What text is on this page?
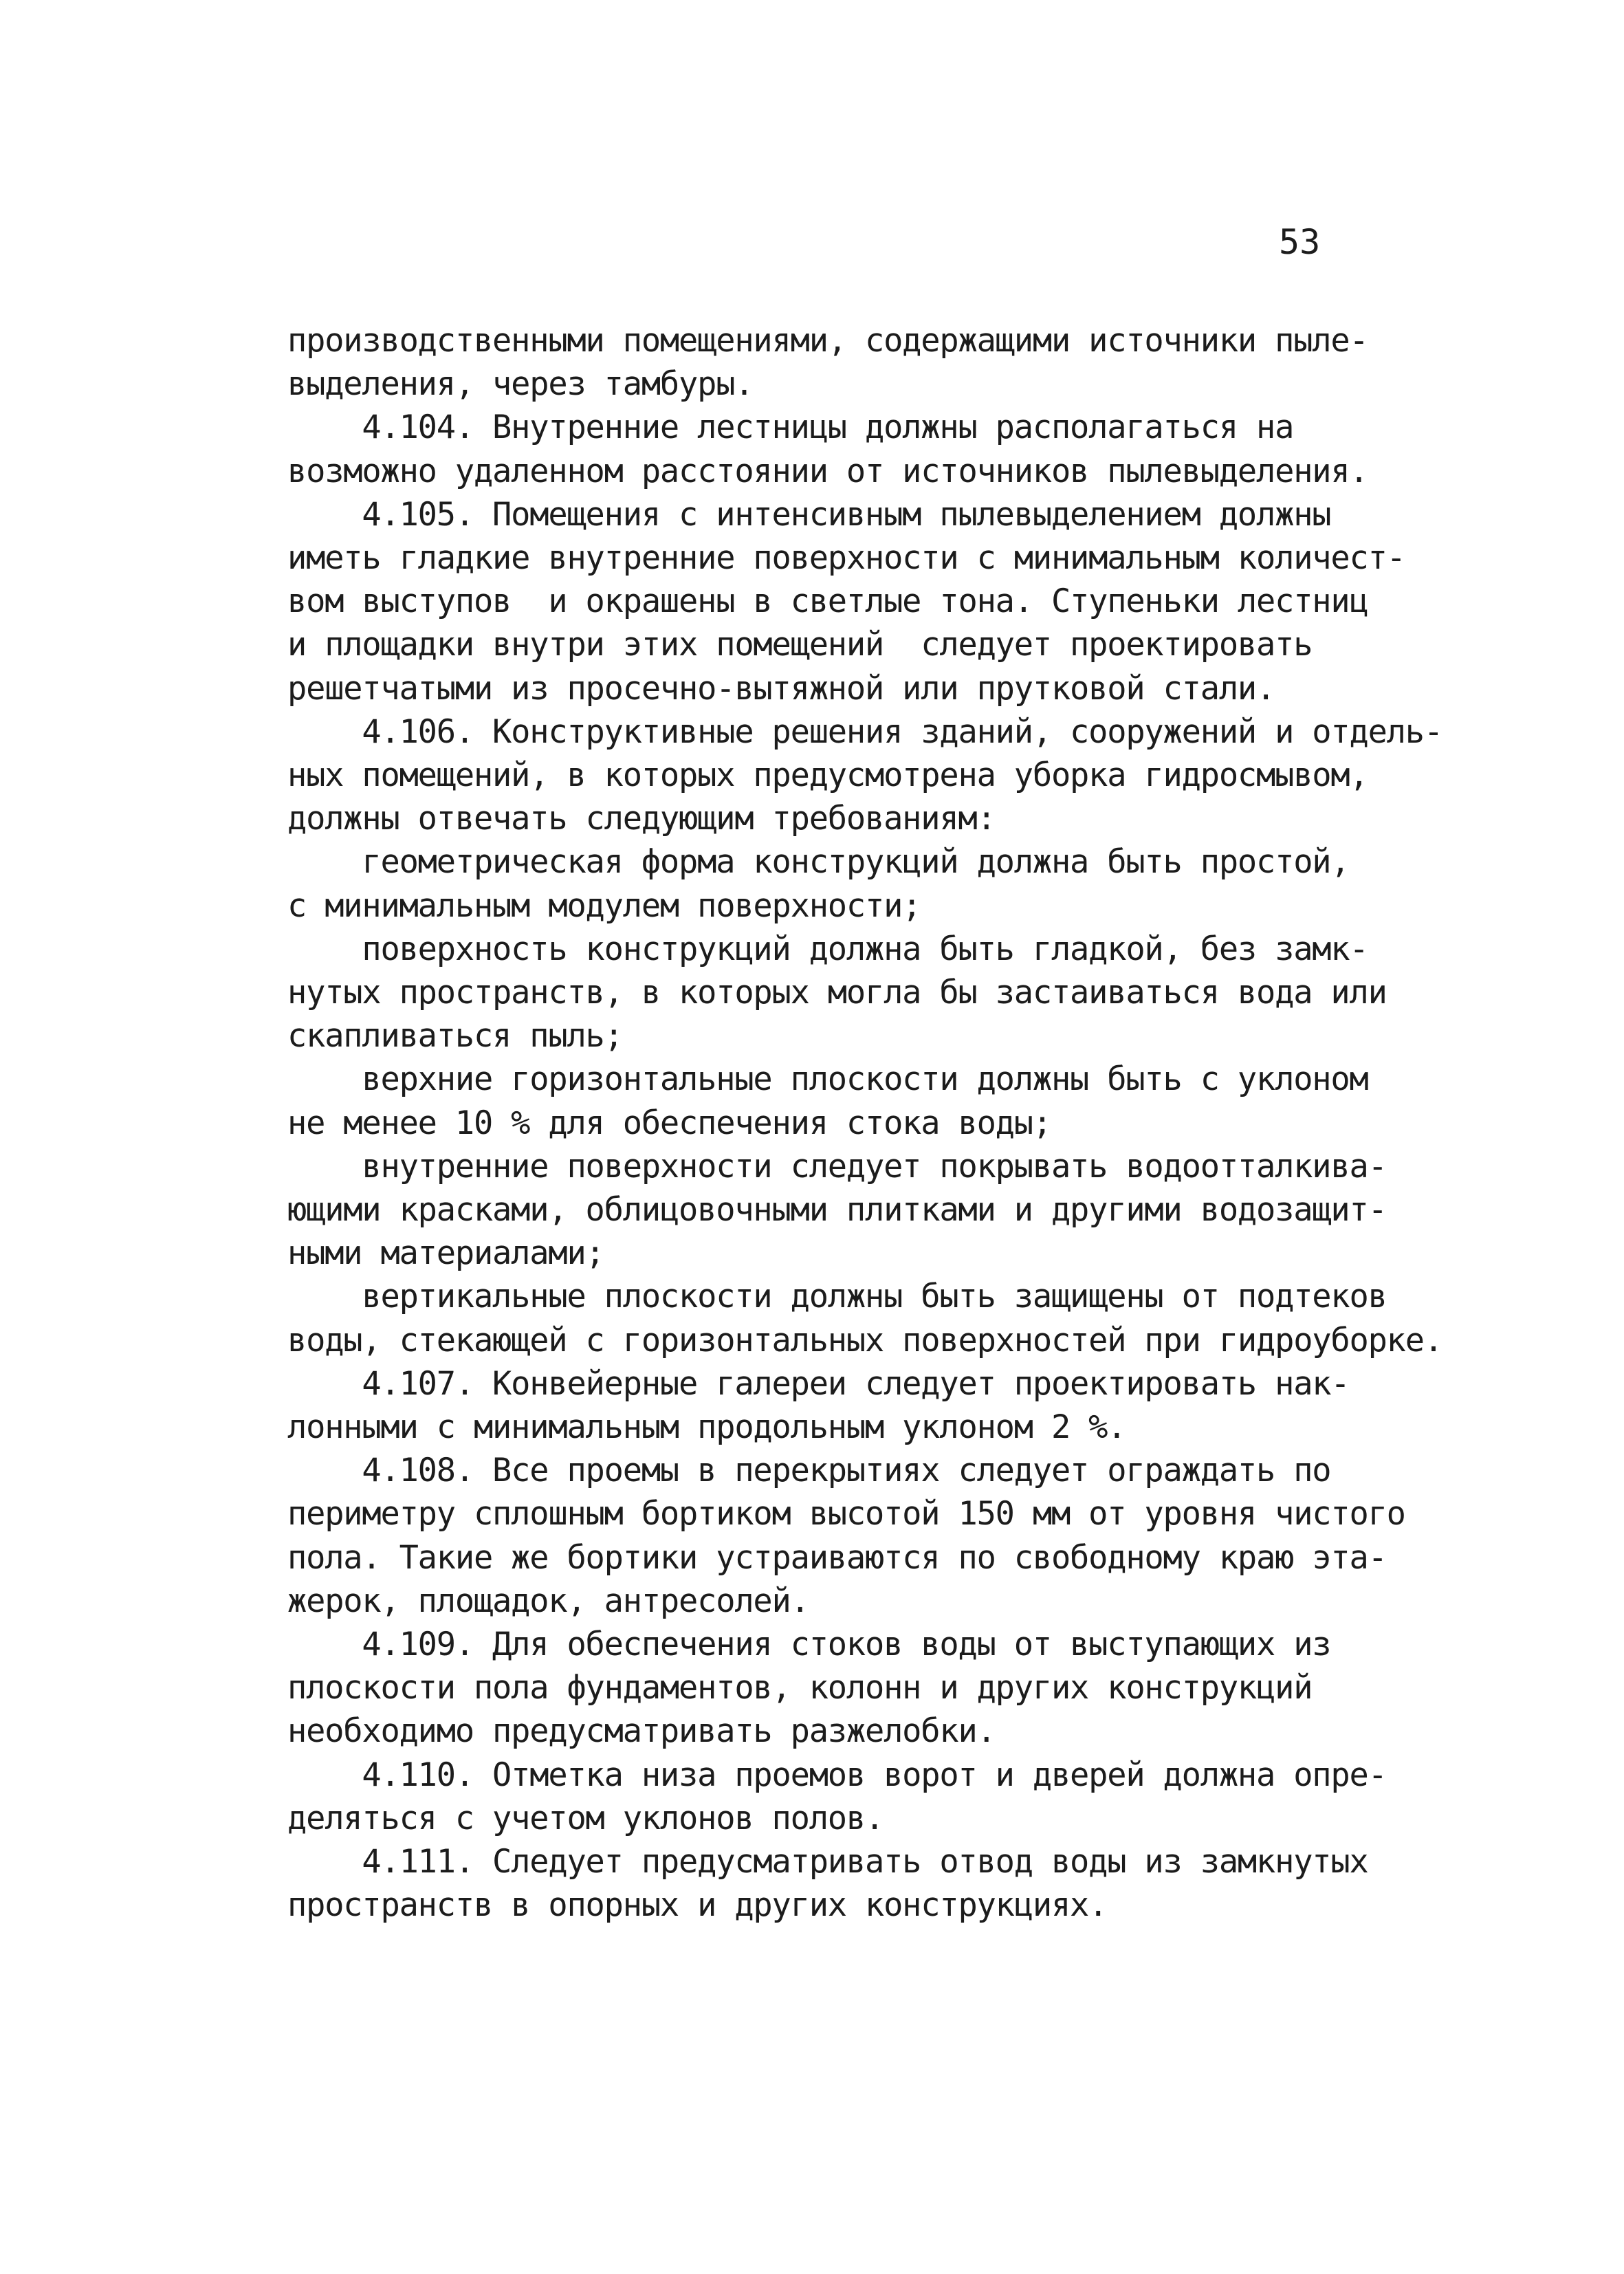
53
производственными помещениями, содержащими источники пыле-
выделения, через тамбуры.
4.104. Внутренние лестницы должны располагаться на
возможно удаленном расстоянии от источников пылевыделения.
4.105. Помещения с интенсивным пылевыделением должны
иметь гладкие внутренние поверхности с минимальным количест-
вом выступов  и окрашены в светлые тона. Ступеньки лестниц
и площадки внутри этих помещений  следует проектировать
решетчатыми из просечно-вытяжной или прутковой стали.
4.106. Конструктивные решения зданий, сооружений и отдель-
ных помещений, в которых предусмотрена уборка гидросмывом,
должны отвечать следующим требованиям:
геометрическая форма конструкций должна быть простой,
с минимальным модулем поверхности;
поверхность конструкций должна быть гладкой, без замк-
нутых пространств, в которых могла бы застаиваться вода или
скапливаться пыль;
верхние горизонтальные плоскости должны быть с уклоном
не менее 10 % для обеспечения стока воды;
внутренние поверхности следует покрывать водоотталкива-
ющими красками, облицовочными плитками и другими водозащит-
ными материалами;
вертикальные плоскости должны быть защищены от подтеков
воды, стекающей с горизонтальных поверхностей при гидроуборке.
4.107. Конвейерные галереи следует проектировать нак-
лонными с минимальным продольным уклоном 2 %.
4.108. Все проемы в перекрытиях следует ограждать по
периметру сплошным бортиком высотой 150 мм от уровня чистого
пола. Такие же бортики устраиваются по свободному краю эта-
жерок, площадок, антресолей.
4.109. Для обеспечения стоков воды от выступающих из
плоскости пола фундаментов, колонн и других конструкций
необходимо предусматривать разжелобки.
4.110. Отметка низа проемов ворот и дверей должна опре-
деляться с учетом уклонов полов.
4.111. Следует предусматривать отвод воды из замкнутых
пространств в опорных и других конструкциях.
